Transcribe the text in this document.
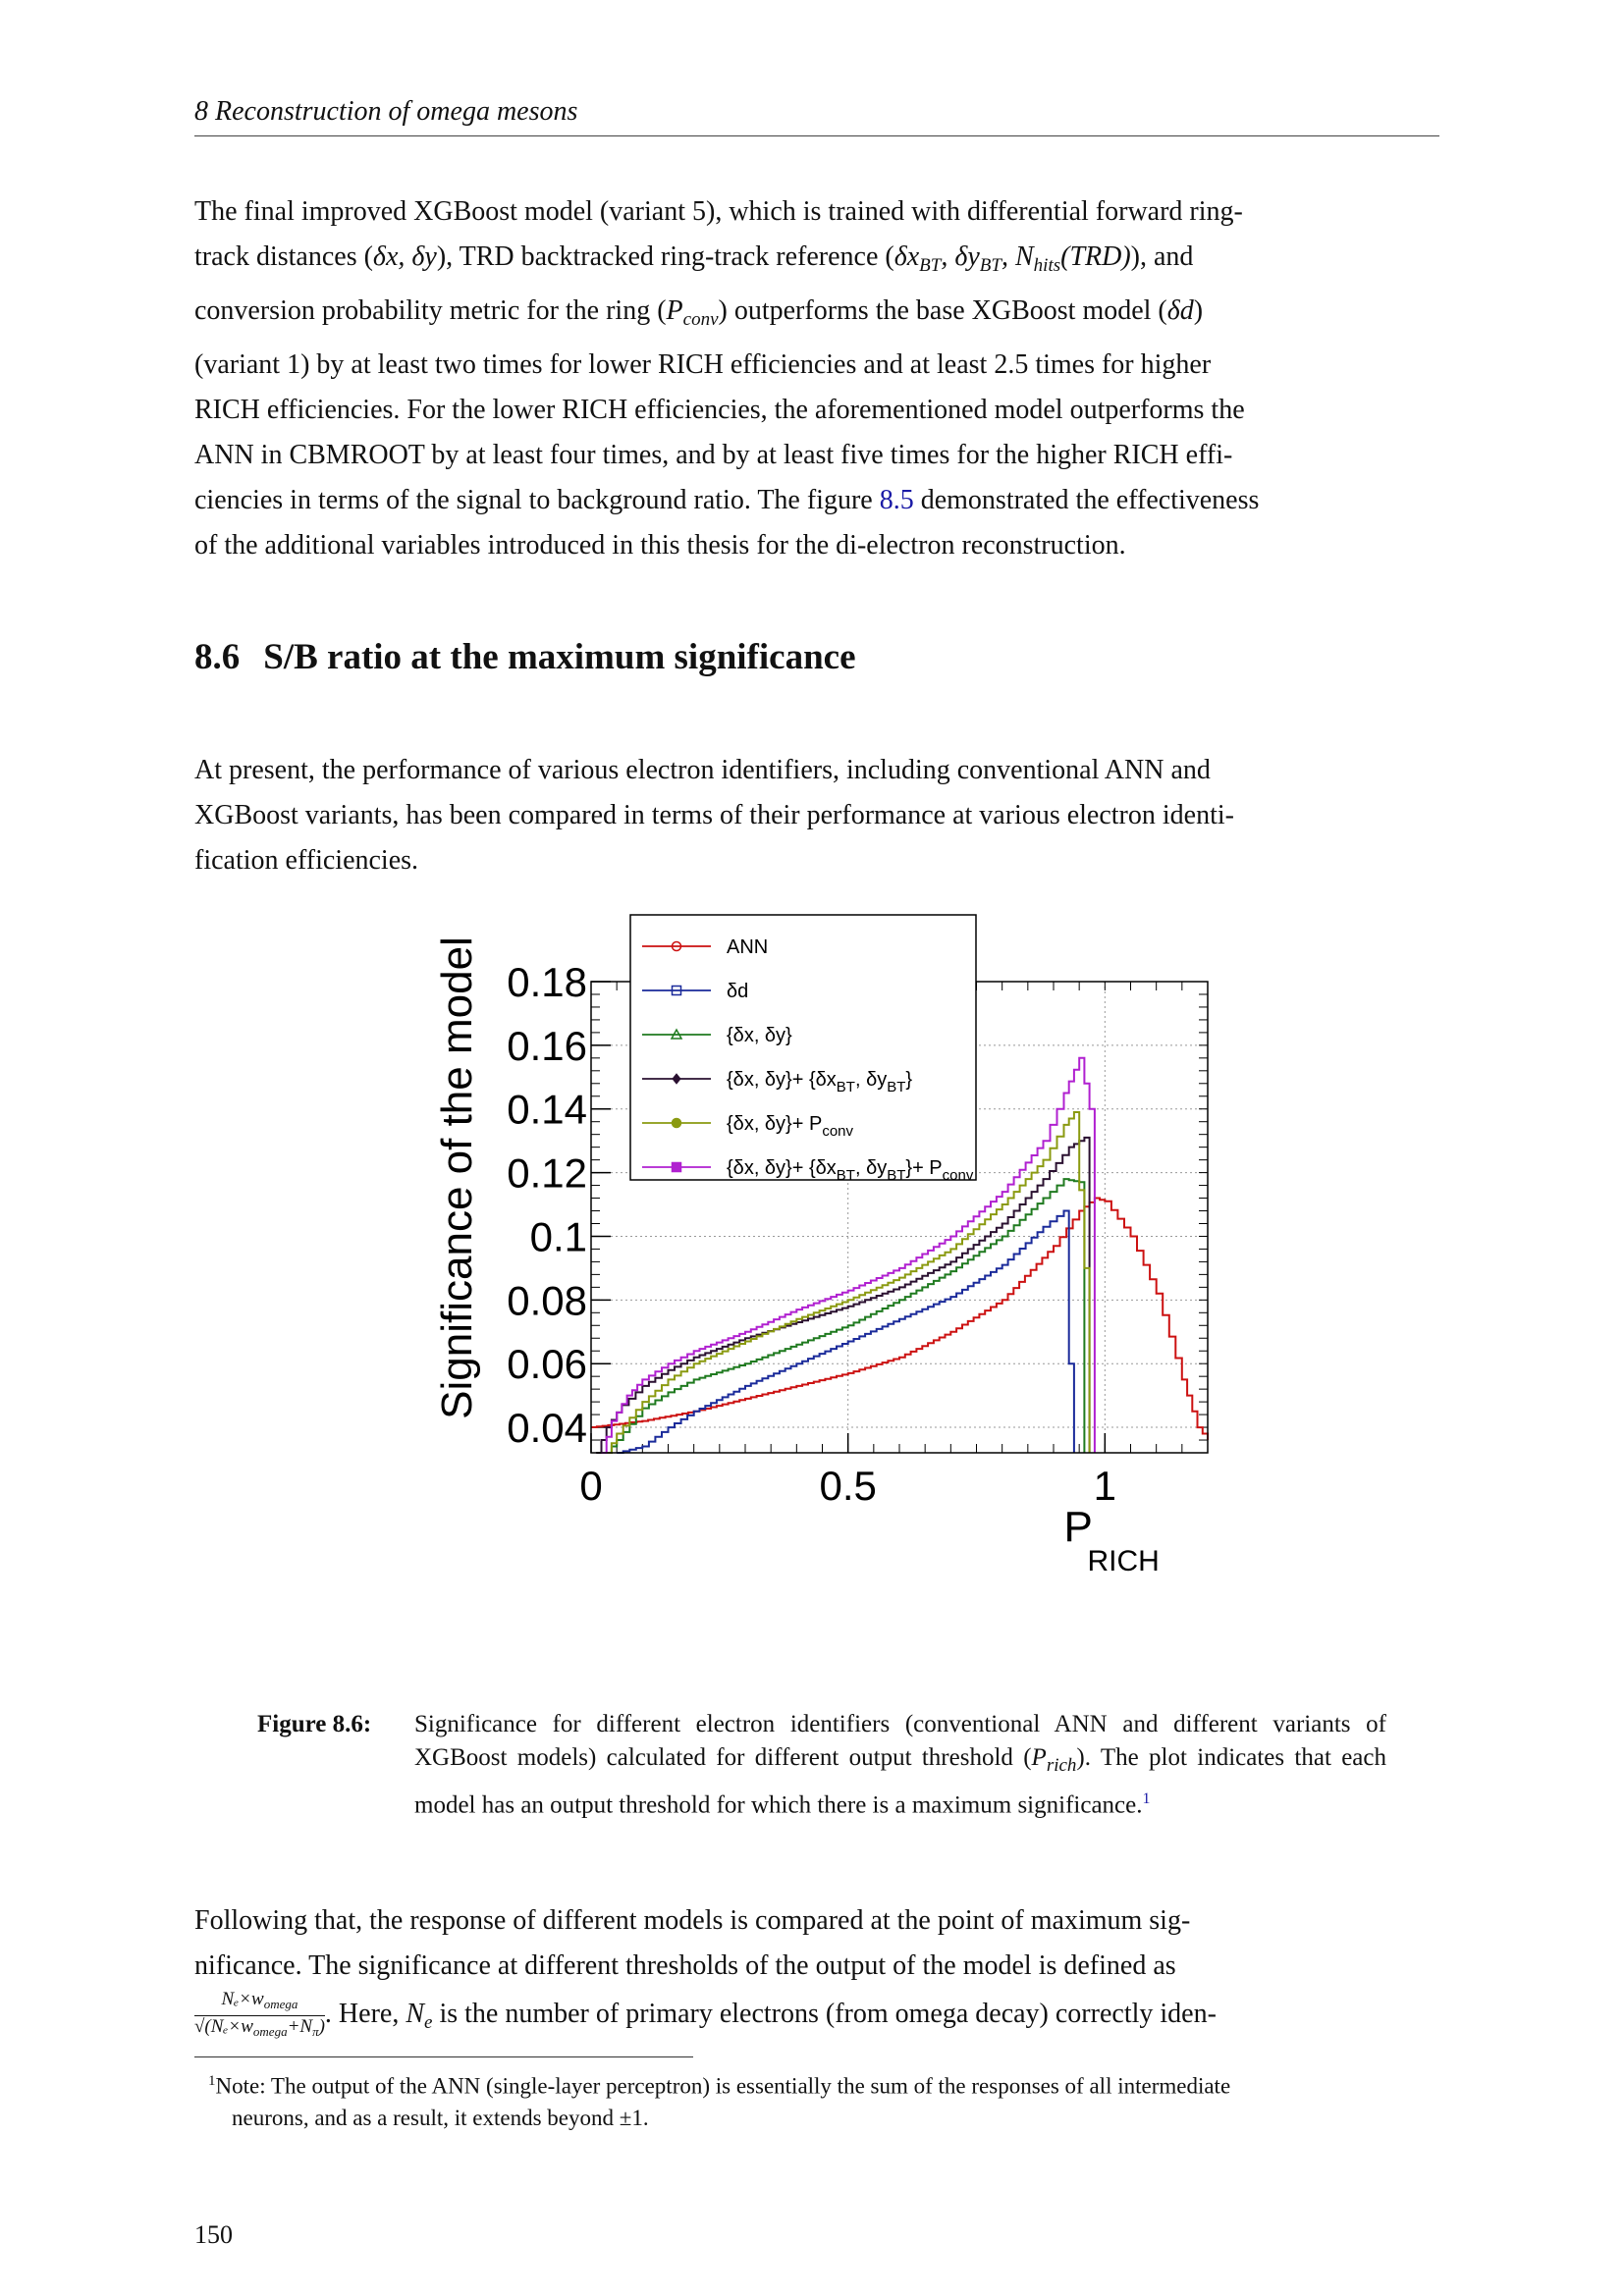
8 Reconstruction of omega mesons
The final improved XGBoost model (variant 5), which is trained with differential forward ring-
track distances (δx, δy), TRD backtracked ring-track reference ($\delta x_{BT}$, $\delta y_{BT}$, $N_{hits}(TRD)$), and
conversion probability metric for the ring $(P_{conv})$ outperforms the base XGBoost model (δd)
(variant 1) by at least two times for lower RICH efficiencies and at least 2.5 times for higher
RICH efficiencies. For the lower RICH efficiencies, the aforementioned model outperforms the
ANN in CBMROOT by at least four times, and by at least five times for the higher RICH effi-
ciencies in terms of the signal to background ratio. The figure 8.5 demonstrated the effectiveness
of the additional variables introduced in this thesis for the di-electron reconstruction.
8.6 S/B ratio at the maximum significance
At present, the performance of various electron identifiers, including conventional ANN and
XGBoost variants, has been compared in terms of their performance at various electron identi-
fication efficiencies.
0.04
0.06
0.08
0.1
0.12
0.14
0.16
0.18
0	0.5	1
Significance of the model
P
RICH
ANN
δd
{δx, δy}
{δx, $\delta y\}+ \{\delta x_{BT}$, $\delta y_{BT}$}
{δx, $\delta y\}+ P_{conv}$
{δx, $\delta y\}+ \{\delta x_{BT}$, $\delta y_{BT}\}+ P_{conv}$
Figure 8.6: Significance for different electron identifiers (conventional ANN and different variants of XGBoost models) calculated for different output threshold $(P_{rich})$. The plot indicates that each model has an output threshold for which there is a maximum significance.$^1$
Following that, the response of different models is compared at the point of maximum sig-
nificance. The significance at different thresholds of the output of the model is defined as
$\frac{N_e\times w_{omega}}{√(N_e\times w_{omega}+N_\pi)}$ . Here, $N_e$ is the number of primary electrons (from omega decay) correctly iden-
$^1$Note: The output of the ANN (single-layer perceptron) is essentially the sum of the responses of all intermediate
neurons, and as a result, it extends beyond ±1.
150
